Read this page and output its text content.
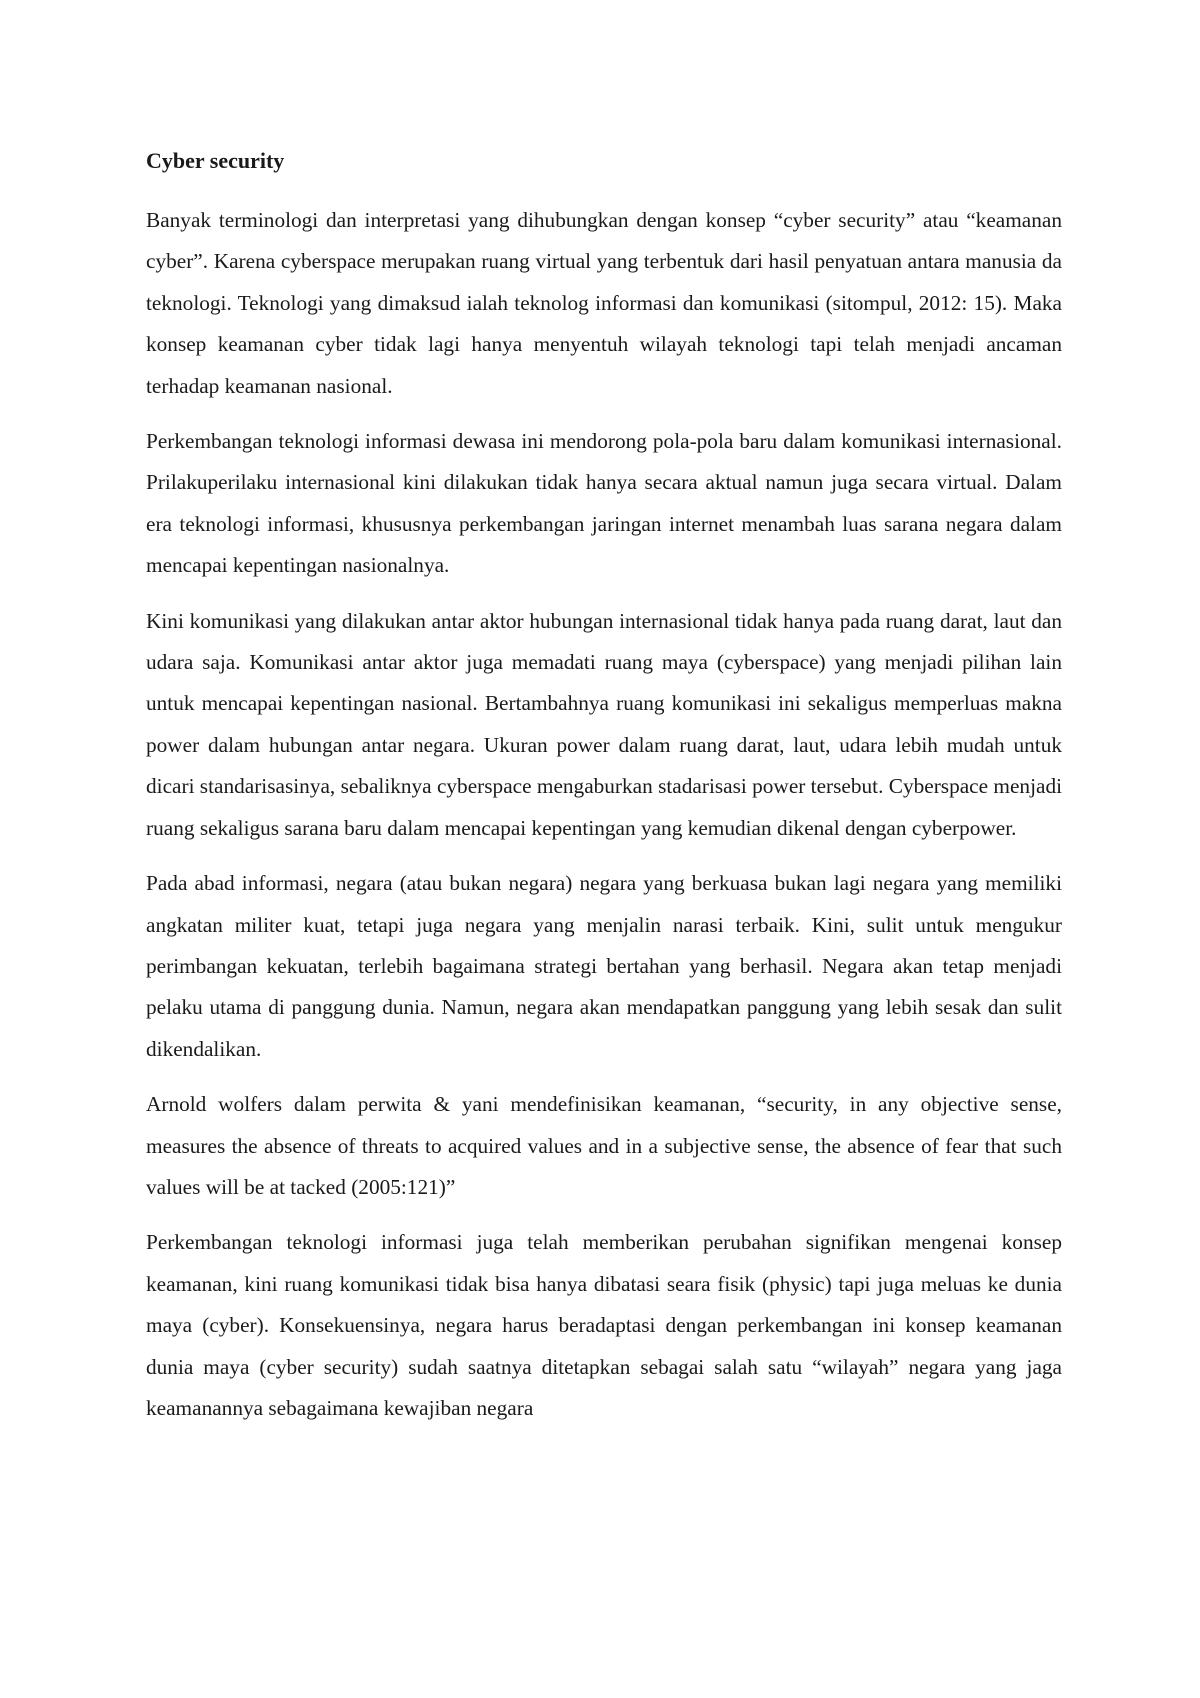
Cyber security

Banyak terminologi dan interpretasi yang dihubungkan dengan konsep “cyber security” atau “keamanan cyber”. Karena cyberspace merupakan ruang virtual yang terbentuk dari hasil penyatuan antara manusia da teknologi. Teknologi yang dimaksud ialah teknolog informasi dan komunikasi (sitompul, 2012: 15). Maka konsep keamanan cyber tidak lagi hanya menyentuh wilayah teknologi tapi telah menjadi ancaman terhadap keamanan nasional.

Perkembangan teknologi informasi dewasa ini mendorong pola-pola baru dalam komunikasi internasional. Prilakuperilaku internasional kini dilakukan tidak hanya secara aktual namun juga secara virtual. Dalam era teknologi informasi, khususnya perkembangan jaringan internet menambah luas sarana negara dalam mencapai kepentingan nasionalnya.

Kini komunikasi yang dilakukan antar aktor hubungan internasional tidak hanya pada ruang darat, laut dan udara saja. Komunikasi antar aktor juga memadati ruang maya (cyberspace) yang menjadi pilihan lain untuk mencapai kepentingan nasional. Bertambahnya ruang komunikasi ini sekaligus memperluas makna power dalam hubungan antar negara. Ukuran power dalam ruang darat, laut, udara lebih mudah untuk dicari standarisasinya, sebaliknya cyberspace mengaburkan stadarisasi power tersebut. Cyberspace menjadi ruang sekaligus sarana baru dalam mencapai kepentingan yang kemudian dikenal dengan cyberpower.

Pada abad informasi, negara (atau bukan negara) negara yang berkuasa bukan lagi negara yang memiliki angkatan militer kuat, tetapi juga negara yang menjalin narasi terbaik. Kini, sulit untuk mengukur perimbangan kekuatan, terlebih bagaimana strategi bertahan yang berhasil. Negara akan tetap menjadi pelaku utama di panggung dunia. Namun, negara akan mendapatkan panggung yang lebih sesak dan sulit dikendalikan.

Arnold wolfers dalam perwita & yani mendefinisikan keamanan, “security, in any objective sense, measures the absence of threats to acquired values and in a subjective sense, the absence of fear that such values will be at tacked (2005:121)”

Perkembangan teknologi informasi juga telah memberikan perubahan signifikan mengenai konsep keamanan, kini ruang komunikasi tidak bisa hanya dibatasi seara fisik (physic) tapi juga meluas ke dunia maya (cyber). Konsekuensinya, negara harus beradaptasi dengan perkembangan ini konsep keamanan dunia maya (cyber security) sudah saatnya ditetapkan sebagai salah satu “wilayah” negara yang jaga keamanannya sebagaimana kewajiban negara
